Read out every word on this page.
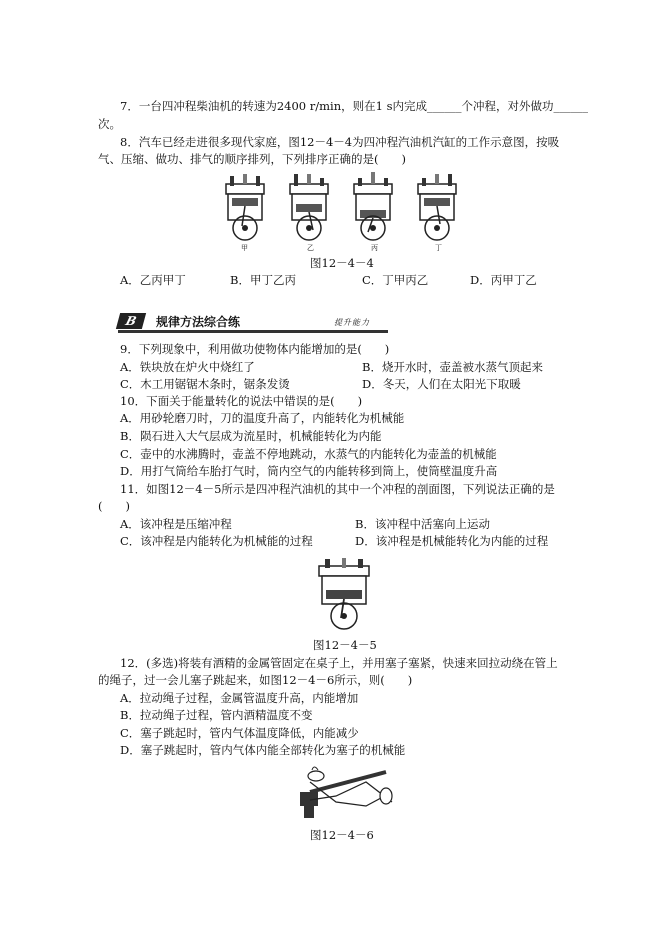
7．一台四冲程柴油机的转速为2400 r/min，则在1 s内完成______个冲程，对外做功______
次。
8．汽车已经走进很多现代家庭，图12－4－4为四冲程汽油机汽缸的工作示意图，按吸
气、压缩、做功、排气的顺序排列，下列排序正确的是(　　)
甲	乙	丙	丁
图12－4－4
A．乙丙甲丁	B．甲丁乙丙	C．丁甲丙乙	D．丙甲丁乙
B	规律方法综合练	提升能力
9．下列现象中，利用做功使物体内能增加的是(　　)
A．铁块放在炉火中烧红了	B．烧开水时，壶盖被水蒸气顶起来
C．木工用锯锯木条时，锯条发烫	D．冬天，人们在太阳光下取暖
10．下面关于能量转化的说法中错误的是(　　)
A．用砂轮磨刀时，刀的温度升高了，内能转化为机械能
B．陨石进入大气层成为流星时，机械能转化为内能
C．壶中的水沸腾时，壶盖不停地跳动，水蒸气的内能转化为壶盖的机械能
D．用打气筒给车胎打气时，筒内空气的内能转移到筒上，使筒壁温度升高
11．如图12－4－5所示是四冲程汽油机的其中一个冲程的剖面图，下列说法正确的是
(　　)
A．该冲程是压缩冲程	B．该冲程中活塞向上运动
C．该冲程是内能转化为机械能的过程	D．该冲程是机械能转化为内能的过程
图12－4－5
12．(多选)将装有酒精的金属管固定在桌子上，并用塞子塞紧，快速来回拉动绕在管上
的绳子，过一会儿塞子跳起来，如图12－4－6所示，则(　　)
A．拉动绳子过程，金属管温度升高，内能增加
B．拉动绳子过程，管内酒精温度不变
C．塞子跳起时，管内气体温度降低，内能减少
D．塞子跳起时，管内气体内能全部转化为塞子的机械能
图12－4－6
